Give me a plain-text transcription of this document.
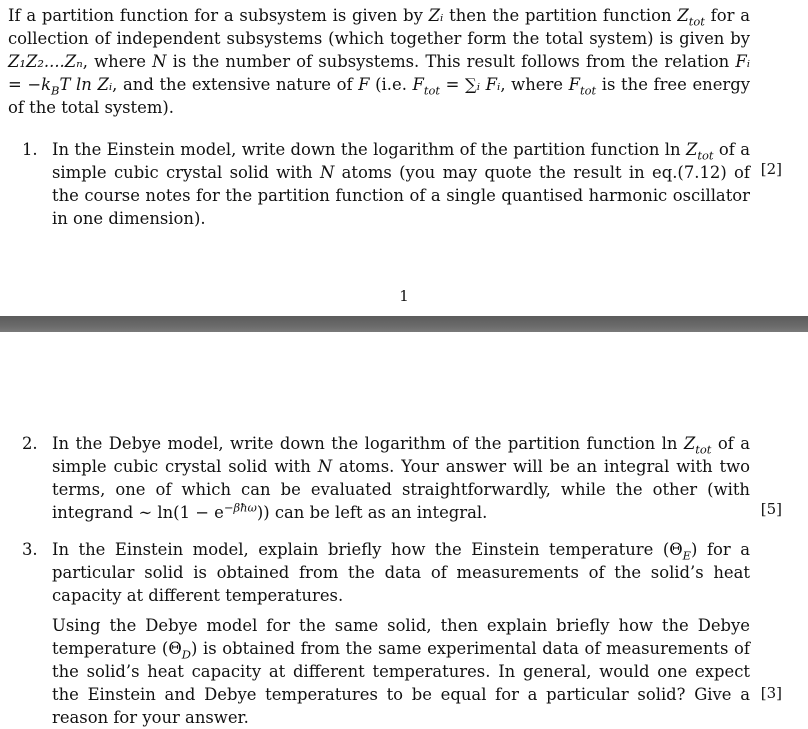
If a partition function for a subsystem is given by Zᵢ then the partition function $Z_{tot}$ for a collection of independent subsystems (which together form the total system) is given by Z₁Z₂....Zₙ, where N is the number of subsystems. This result follows from the relation Fᵢ = $-k_BT$ ln Zᵢ, and the extensive nature of F (i.e. $F_{tot}$ = ∑ᵢ Fᵢ, where $F_{tot}$ is the free energy of the total system).
1. In the Einstein model, write down the logarithm of the partition function $\ln Z_{tot}$ of a simple cubic crystal solid with N atoms (you may quote the result in eq.(7.12) of the course notes for the partition function of a single quantised harmonic oscillator in one dimension).
[2]
1
2. In the Debye model, write down the logarithm of the partition function $\ln Z_{tot}$ of a simple cubic crystal solid with N atoms. Your answer will be an integral with two terms, one of which can be evaluated straightforwardly, while the other (with integrand ∼ $\ln(1 - e^{-\beta ħ\omega})$) can be left as an integral.	[5]
3. In the Einstein model, explain briefly how the Einstein temperature $(\Theta_E)$ for a particular solid is obtained from the data of measurements of the solid’s heat capacity at different temperatures.
Using the Debye model for the same solid, then explain briefly how the Debye temperature $(\Theta_D)$ is obtained from the same experimental data of measurements of the solid’s heat capacity at different temperatures. In general, would one expect the Einstein and Debye temperatures to be equal for a particular solid? Give a reason for your answer.
[3]
